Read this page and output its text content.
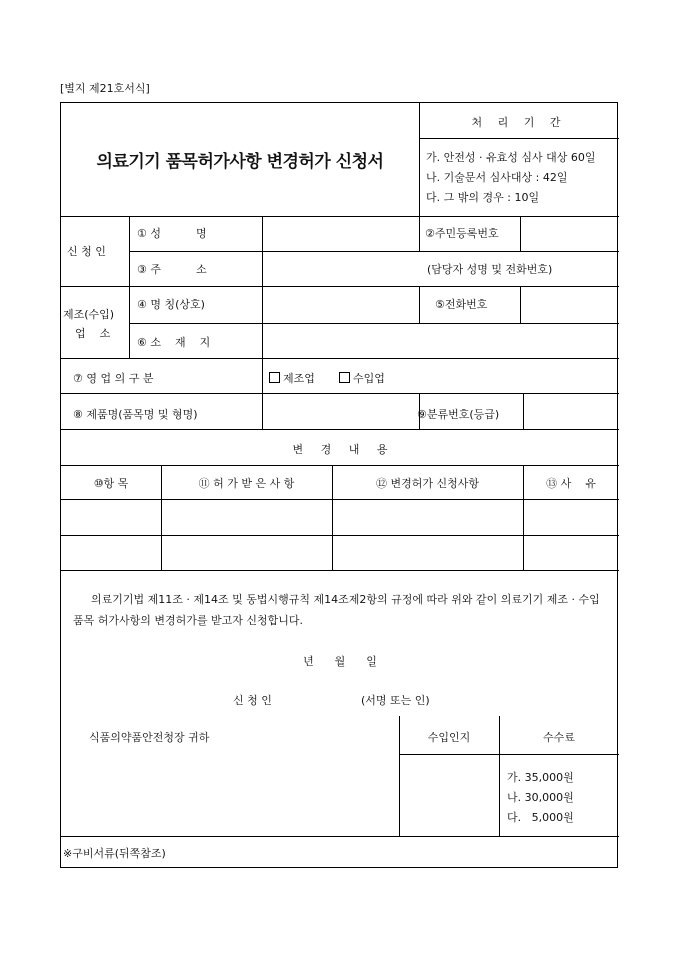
[별지 제21호서식]
의료기기 품목허가사항 변경허가 신청서
처 리 기 간
가. 안전성 · 유효성 심사 대상 60일
나. 기술문서 심사대상 : 42일
다. 그 밖의 경우 : 10일
신 청 인
① 성          명	②주민등록번호
③ 주          소	(담당자 성명 및 전화번호)
제조(수입)
업    소
④ 명 칭(상호)	⑤전화번호
⑥ 소    재    지
⑦ 영 업 의 구 분	제조업	수입업
⑧ 제품명(품목명 및 형명)	⑨분류번호(등급)
변     경     내     용
⑩항 목	⑪ 허 가 받 은 사 항	⑫ 변경허가 신청사항	⑬ 사    유
의료기기법 제11조 · 제14조 및 동법시행규칙 제14조제2항의 규정에 따라 위와 같이 의료기기 제조 · 수입품목 허가사항의 변경허가를 받고자 신청합니다.
년      월      일
신 청 인	(서명 또는 인)
식품의약품안전청장 귀하	수입인지	수수료
가. 35,000원
나. 30,000원
다.   5,000원
※구비서류(뒤쪽참조)
